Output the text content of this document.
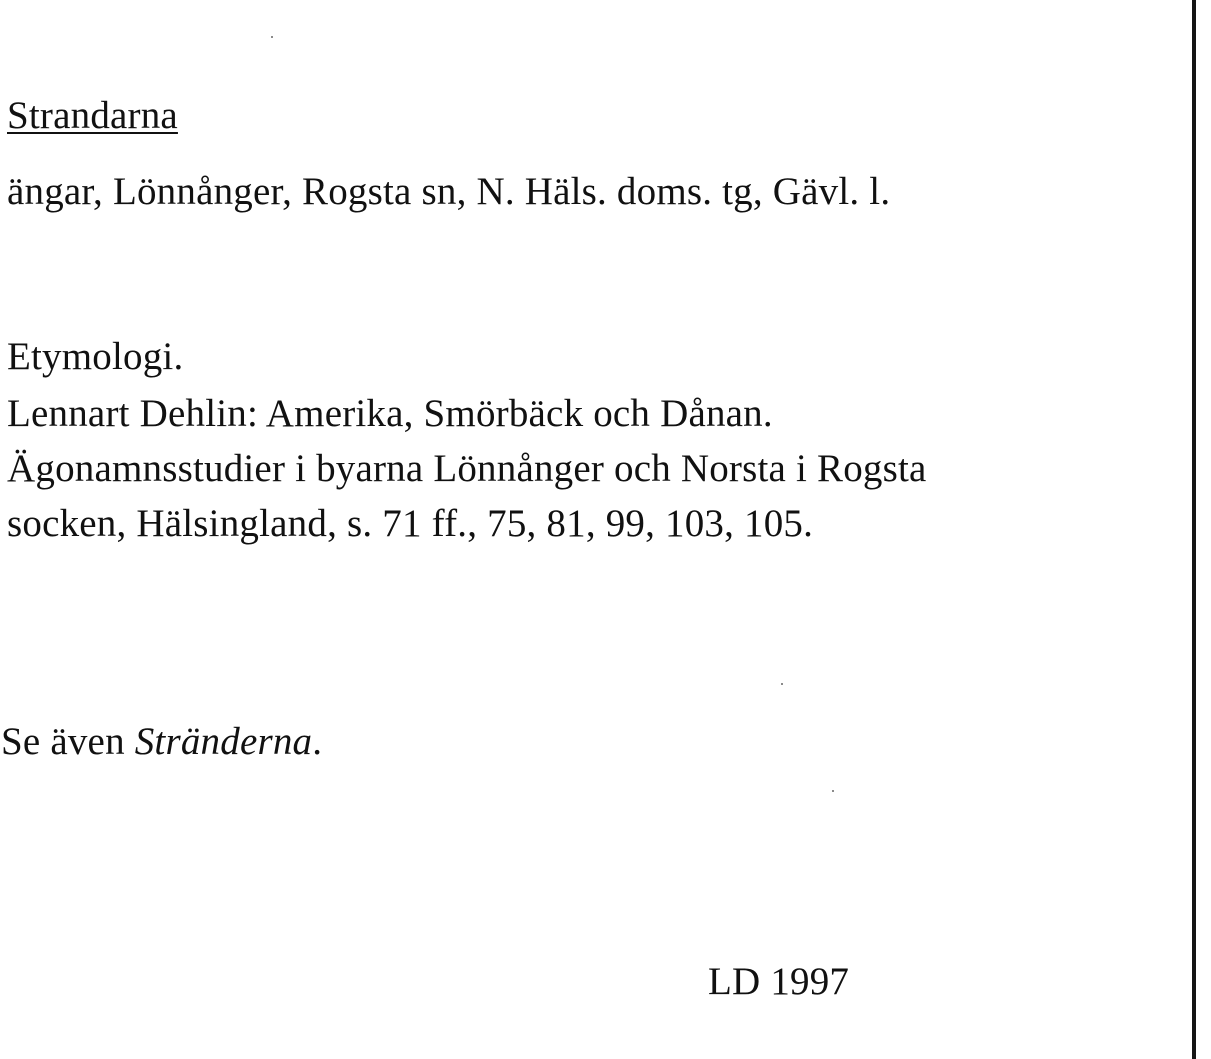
Strandarna
ängar, Lönnånger, Rogsta sn, N. Häls. doms. tg, Gävl. l.
Etymologi.
Lennart Dehlin: Amerika, Smörbäck och Dånan.
Ägonamnsstudier i byarna Lönnånger och Norsta i Rogsta
socken, Hälsingland, s. 71 ff., 75, 81, 99, 103, 105.
Se även Stränderna.
LD 1997
